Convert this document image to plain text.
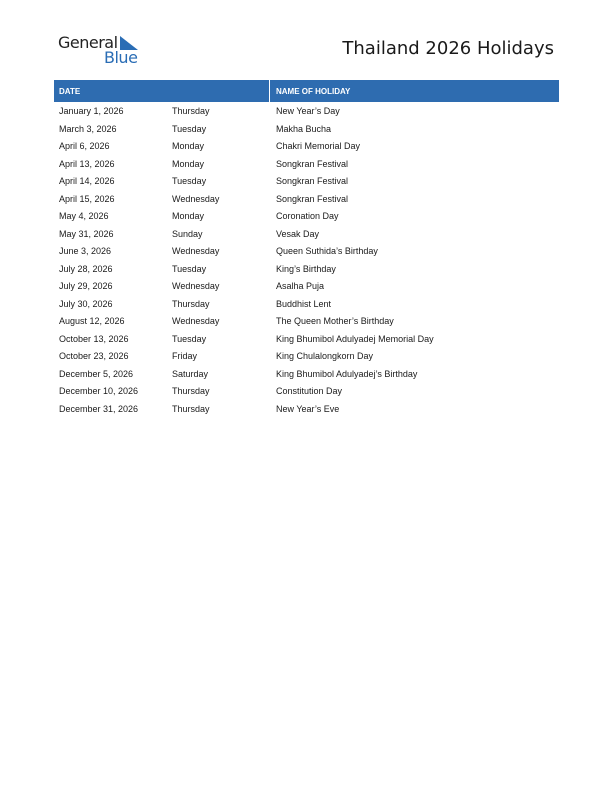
General
Blue	Thailand 2026 Holidays
DATE	NAME OF HOLIDAY
January 1, 2026	Thursday	New Year’s Day
March 3, 2026	Tuesday	Makha Bucha
April 6, 2026	Monday	Chakri Memorial Day
April 13, 2026	Monday	Songkran Festival
April 14, 2026	Tuesday	Songkran Festival
April 15, 2026	Wednesday	Songkran Festival
May 4, 2026	Monday	Coronation Day
May 31, 2026	Sunday	Vesak Day
June 3, 2026	Wednesday	Queen Suthida’s Birthday
July 28, 2026	Tuesday	King’s Birthday
July 29, 2026	Wednesday	Asalha Puja
July 30, 2026	Thursday	Buddhist Lent
August 12, 2026	Wednesday	The Queen Mother’s Birthday
October 13, 2026	Tuesday	King Bhumibol Adulyadej Memorial Day
October 23, 2026	Friday	King Chulalongkorn Day
December 5, 2026	Saturday	King Bhumibol Adulyadej’s Birthday
December 10, 2026	Thursday	Constitution Day
December 31, 2026	Thursday	New Year’s Eve
